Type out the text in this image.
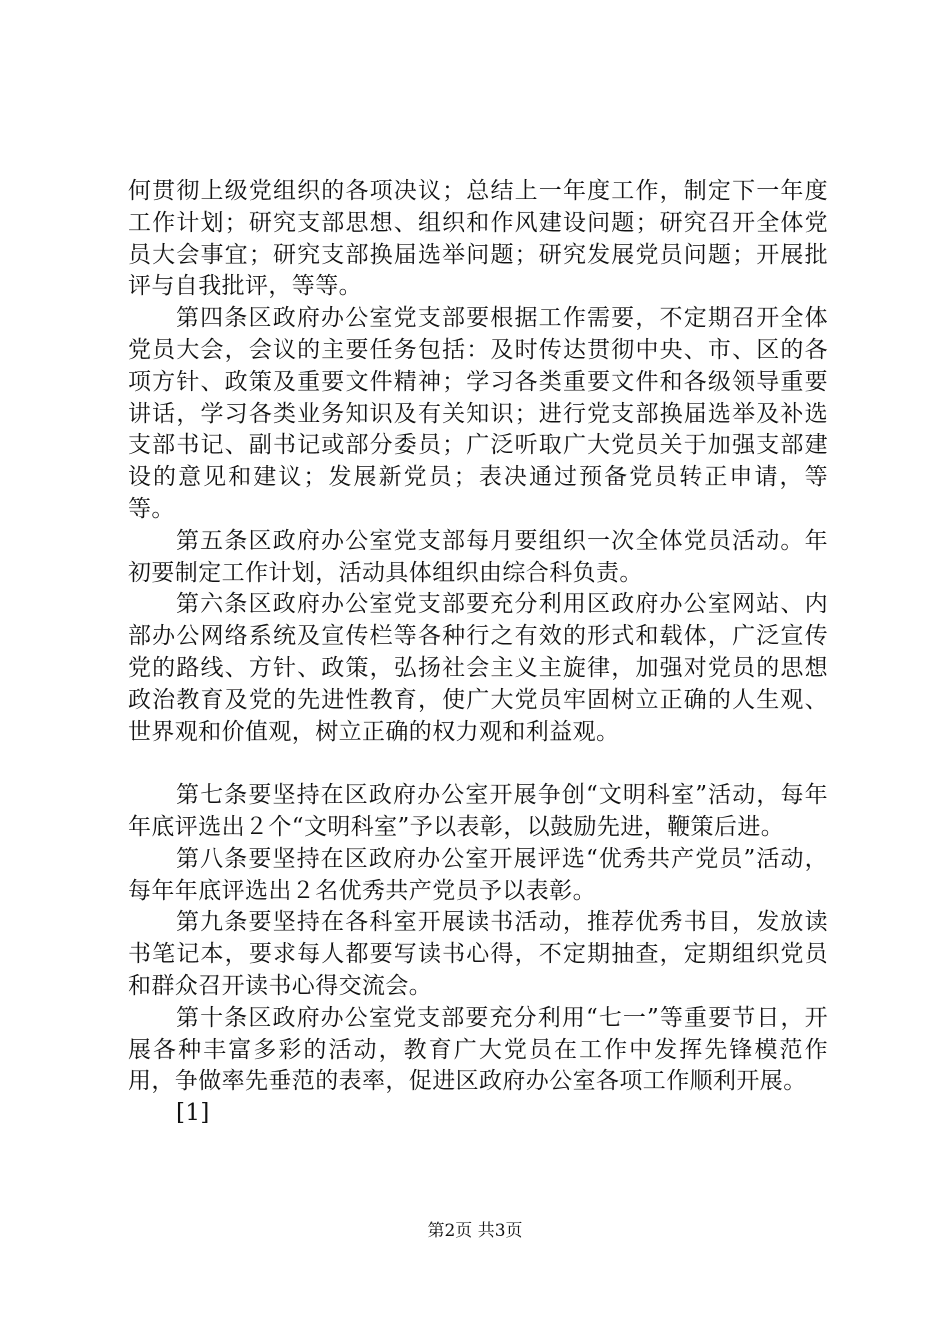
何贯彻上级党组织的各项决议；总结上一年度工作，制定下一年度工作计划；研究支部思想、组织和作风建设问题；研究召开全体党员大会事宜；研究支部换届选举问题；研究发展党员问题；开展批评与自我批评，等等。

第四条区政府办公室党支部要根据工作需要，不定期召开全体党员大会，会议的主要任务包括：及时传达贯彻中央、市、区的各项方针、政策及重要文件精神；学习各类重要文件和各级领导重要讲话，学习各类业务知识及有关知识；进行党支部换届选举及补选支部书记、副书记或部分委员；广泛听取广大党员关于加强支部建设的意见和建议；发展新党员；表决通过预备党员转正申请，等等。

第五条区政府办公室党支部每月要组织一次全体党员活动。年初要制定工作计划，活动具体组织由综合科负责。

第六条区政府办公室党支部要充分利用区政府办公室网站、内部办公网络系统及宣传栏等各种行之有效的形式和载体，广泛宣传党的路线、方针、政策，弘扬社会主义主旋律，加强对党员的思想政治教育及党的先进性教育，使广大党员牢固树立正确的人生观、世界观和价值观，树立正确的权力观和利益观。

第七条要坚持在区政府办公室开展争创“文明科室”活动，每年年底评选出２个“文明科室”予以表彰，以鼓励先进，鞭策后进。

第八条要坚持在区政府办公室开展评选“优秀共产党员”活动，每年年底评选出２名优秀共产党员予以表彰。

第九条要坚持在各科室开展读书活动，推荐优秀书目，发放读书笔记本，要求每人都要写读书心得，不定期抽查，定期组织党员和群众召开读书心得交流会。

第十条区政府办公室党支部要充分利用“七一”等重要节日，开展各种丰富多彩的活动，教育广大党员在工作中发挥先锋模范作用，争做率先垂范的表率，促进区政府办公室各项工作顺利开展。

[1]

第2页 共3页
